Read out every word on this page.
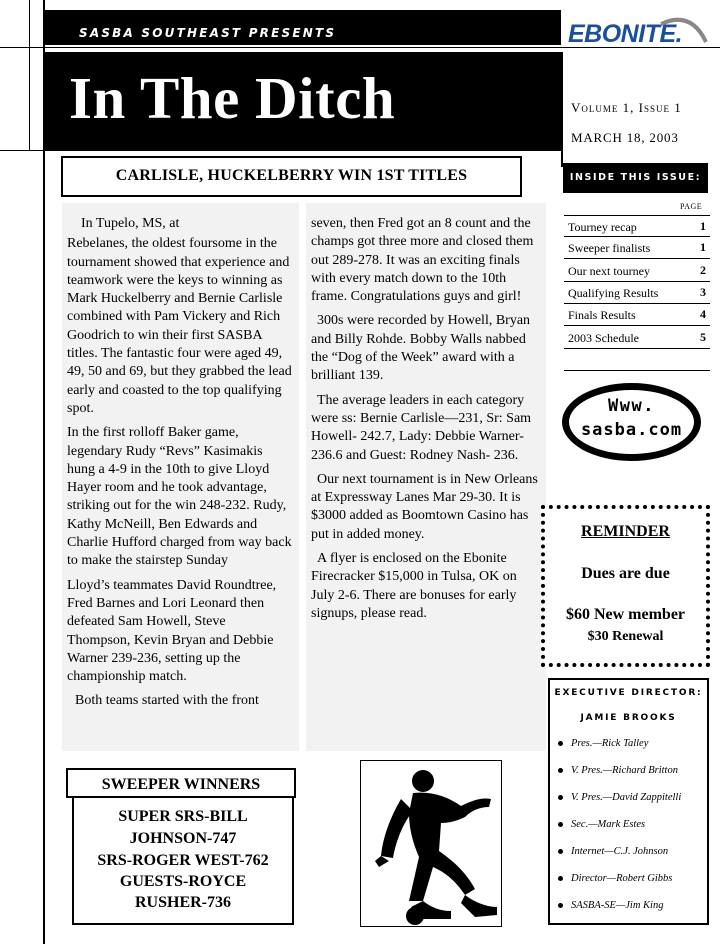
SASBA SOUTHEAST PRESENTS
In The Ditch
EBONITE.
Volume 1, Issue 1
MARCH 18, 2003
CARLISLE, HUCKELBERRY WIN 1ST TITLES

In Tupelo, MS, at

Rebelanes, the oldest foursome in the tournament showed that experience and teamwork were the keys to winning as Mark Huckelberry and Bernie Carlisle combined with Pam Vickery and Rich Goodrich to win their first SASBA titles. The fantastic four were aged 49, 49, 50 and 69, but they grabbed the lead early and coasted to the top qualifying spot.

In the first rolloff Baker game, legendary Rudy “Revs” Kasimakis hung a 4-9 in the 10th to give Lloyd Hayer room and he took advantage, striking out for the win 248-232. Rudy, Kathy McNeill, Ben Edwards and Charlie Hufford charged from way back to make the stairstep Sunday

Lloyd’s teammates David Roundtree, Fred Barnes and Lori Leonard then defeated Sam Howell, Steve Thompson, Kevin Bryan and Debbie Warner 239-236, setting up the championship match.

Both teams started with the front

seven, then Fred got an 8 count and the champs got three more and closed them out 289-278. It was an exciting finals with every match down to the 10th frame. Congratulations guys and girl!

300s were recorded by Howell, Bryan and Billy Rohde. Bobby Walls nabbed the “Dog of the Week” award with a brilliant 139.

The average leaders in each category were ss: Bernie Carlisle—231, Sr: Sam Howell- 242.7, Lady: Debbie Warner- 236.6 and Guest: Rodney Nash- 236.

Our next tournament is in New Orleans at Expressway Lanes Mar 29-30. It is $3000 added as Boomtown Casino has put in added money.

A flyer is enclosed on the Ebonite Firecracker $15,000 in Tulsa, OK on July 2-6. There are bonuses for early signups, please read.

INSIDE THIS ISSUE:
PAGE
Tourney recap	1
Sweeper finalists	1
Our next tourney	2
Qualifying Results	3
Finals Results	4
2003 Schedule	5
Www.
sasba.com
REMINDER
Dues are due
$60 New member
$30 Renewal
EXECUTIVE DIRECTOR:
JAMIE BROOKS
Pres.—Rick Talley
V. Pres.—Richard Britton
V. Pres.—David Zappitelli
Sec.—Mark Estes
Internet—C.J. Johnson
Director—Robert Gibbs
SASBA-SE—Jim King
SUPER SRS-BILL
JOHNSON-747
SRS-ROGER WEST-762
GUESTS-ROYCE
RUSHER-736
SWEEPER WINNERS
